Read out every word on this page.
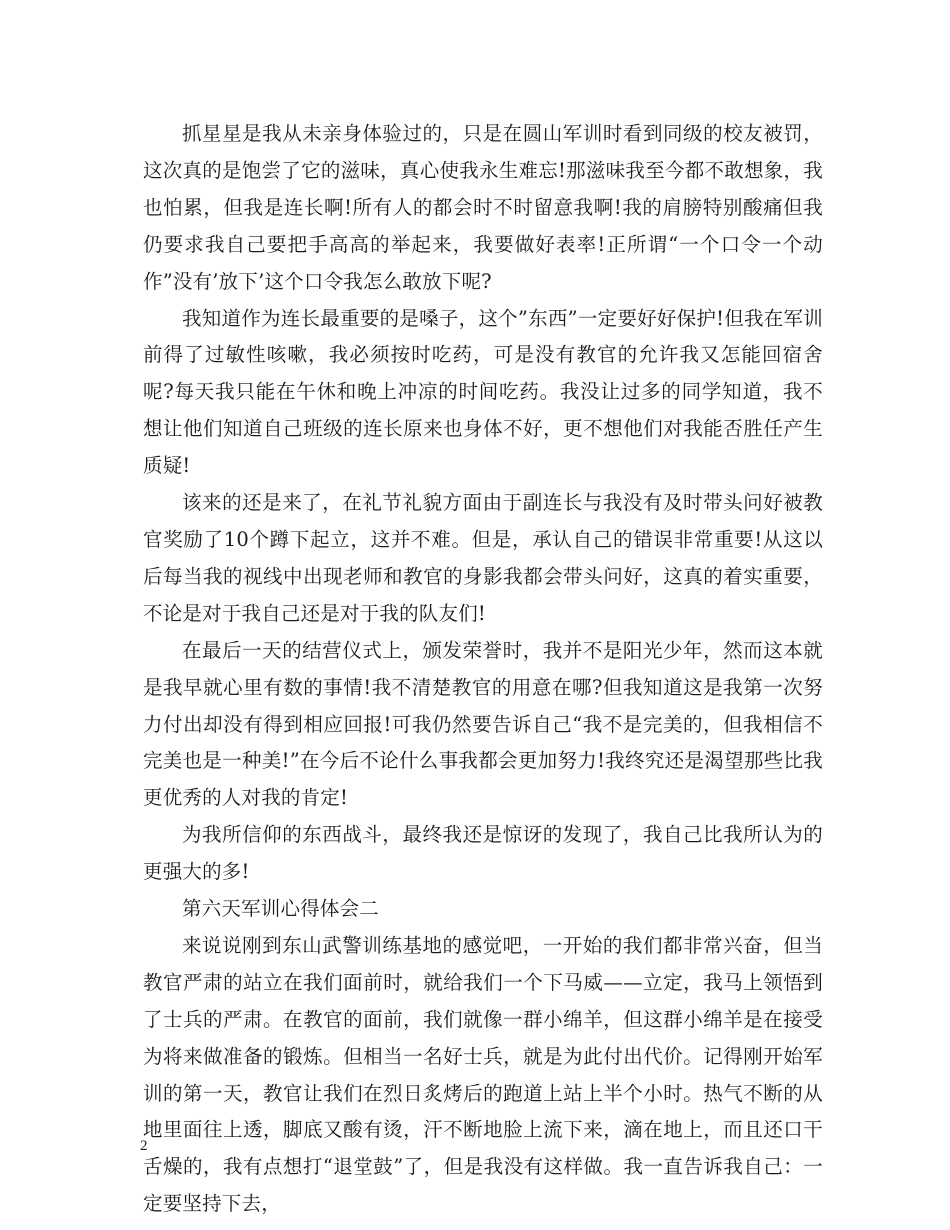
抓星星是我从未亲身体验过的，只是在圆山军训时看到同级的校友被罚，这次真的是饱尝了它的滋味，真心使我永生难忘!那滋味我至今都不敢想象，我也怕累，但我是连长啊!所有人的都会时不时留意我啊!我的肩膀特别酸痛但我仍要求我自己要把手高高的举起来，我要做好表率!正所谓“一个口令一个动作”没有’放下’这个口令我怎么敢放下呢?

我知道作为连长最重要的是嗓子，这个”东西”一定要好好保护!但我在军训前得了过敏性咳嗽，我必须按时吃药，可是没有教官的允许我又怎能回宿舍呢?每天我只能在午休和晚上冲凉的时间吃药。我没让过多的同学知道，我不想让他们知道自己班级的连长原来也身体不好，更不想他们对我能否胜任产生质疑!

该来的还是来了，在礼节礼貌方面由于副连长与我没有及时带头问好被教官奖励了10个蹲下起立，这并不难。但是，承认自己的错误非常重要!从这以后每当我的视线中出现老师和教官的身影我都会带头问好，这真的着实重要，不论是对于我自己还是对于我的队友们!

在最后一天的结营仪式上，颁发荣誉时，我并不是阳光少年，然而这本就是我早就心里有数的事情!我不清楚教官的用意在哪?但我知道这是我第一次努力付出却没有得到相应回报!可我仍然要告诉自己“我不是完美的，但我相信不完美也是一种美!”在今后不论什么事我都会更加努力!我终究还是渴望那些比我更优秀的人对我的肯定!

为我所信仰的东西战斗，最终我还是惊讶的发现了，我自己比我所认为的更强大的多!

第六天军训心得体会二

来说说刚到东山武警训练基地的感觉吧，一开始的我们都非常兴奋，但当教官严肃的站立在我们面前时，就给我们一个下马威——立定，我马上领悟到了士兵的严肃。在教官的面前，我们就像一群小绵羊，但这群小绵羊是在接受为将来做准备的锻炼。但相当一名好士兵，就是为此付出代价。记得刚开始军训的第一天，教官让我们在烈日炙烤后的跑道上站上半个小时。热气不断的从地里面往上透，脚底又酸有烫，汗不断地脸上流下来，滴在地上，而且还口干舌燥的，我有点想打“退堂鼓”了，但是我没有这样做。我一直告诉我自己：一定要坚持下去，

2
